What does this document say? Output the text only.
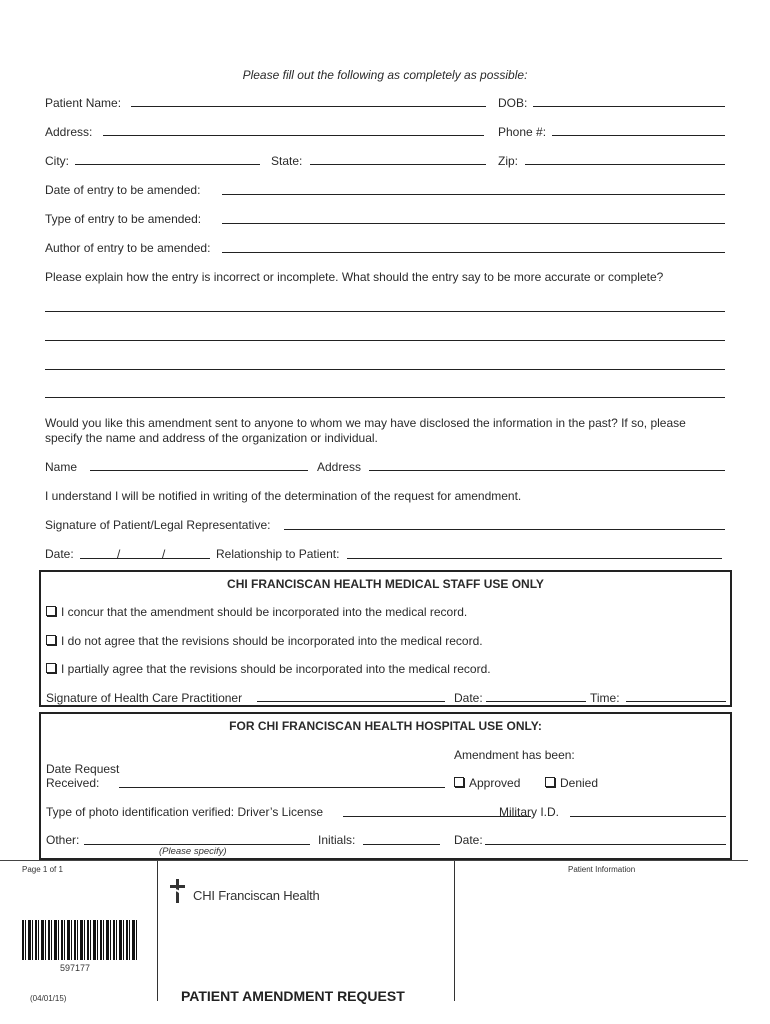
Please fill out the following as completely as possible:
Patient Name:	DOB:
Address:	Phone #:
City:	State:	Zip:
Date of entry to be amended:
Type of entry to be amended:
Author of entry to be amended:
Please explain how the entry is incorrect or incomplete. What should the entry say to be more accurate or complete?
Would you like this amendment sent to anyone to whom we may have disclosed the information in the past? If so, please
specify the name and address of the organization or individual.
Name	Address
I understand I will be notified in writing of the determination of the request for amendment.
Signature of Patient/Legal Representative:
Date:	/	/	Relationship to Patient:
CHI FRANCISCAN HEALTH MEDICAL STAFF USE ONLY
I concur that the amendment should be incorporated into the medical record.
I do not agree that the revisions should be incorporated into the medical record.
I partially agree that the revisions should be incorporated into the medical record.
Signature of Health Care Practitioner	Date:	Time:
FOR CHI FRANCISCAN HEALTH HOSPITAL USE ONLY:
Amendment has been:
Date Request
Received:	Approved	Denied
Type of photo identification verified: Driver’s License	Military I.D.
Other:
(Please specify)
Initials:	Date:
Page 1 of 1	Patient Information
CHI Franciscan Health
597177
(04/01/15)	PATIENT AMENDMENT REQUEST
